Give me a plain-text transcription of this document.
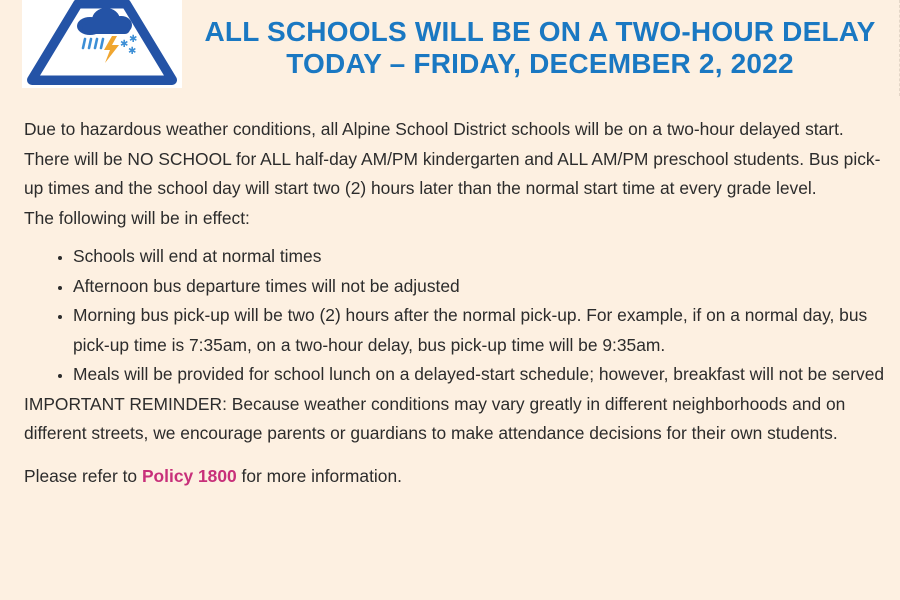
✱ ✱
✱
ALL SCHOOLS WILL BE ON A TWO-HOUR DELAY
TODAY – FRIDAY, DECEMBER 2, 2022

Due to hazardous weather conditions, all Alpine School District schools will be on a two-hour delayed start. There will be NO SCHOOL for ALL half-day AM/PM kindergarten and ALL AM/PM preschool students. Bus pick-up times and the school day will start two (2) hours later than the normal start time at every grade level.

The following will be in effect:

• Schools will end at normal times
• Afternoon bus departure times will not be adjusted
• Morning bus pick-up will be two (2) hours after the normal pick-up. For example, if on a normal day, bus pick-up time is 7:35am, on a two-hour delay, bus pick-up time will be 9:35am.
• Meals will be provided for school lunch on a delayed-start schedule; however, breakfast will not be served

IMPORTANT REMINDER: Because weather conditions may vary greatly in different neighborhoods and on different streets, we encourage parents or guardians to make attendance decisions for their own students.

Please refer to Policy 1800 for more information.
